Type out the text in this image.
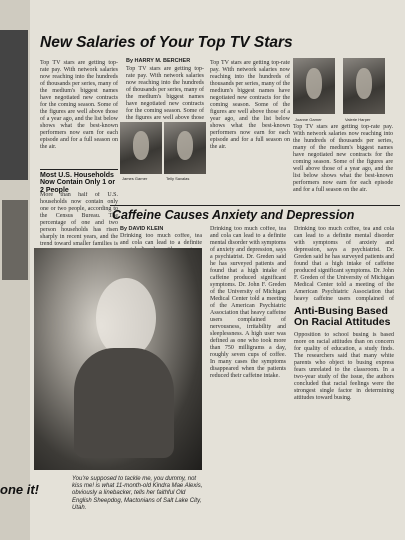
New Salaries of Your Top TV Stars
Top TV stars are getting top-rate pay. With network salaries now reaching into the hundreds of thousands per series, many of the medium's biggest names have negotiated new contracts for the coming season. Some of the figures are well above those of a year ago, and the list below shows what the best-known performers now earn for each episode and for a full season on the air.
By HARRY M. BERCHER
Top TV stars are getting top-rate pay. With network salaries now reaching into the hundreds of thousands per series, many of the medium's biggest names have negotiated new contracts for the coming season. Some of the figures are well above those
Top TV stars are getting top-rate pay. With network salaries now reaching into the hundreds of thousands per series, many of the medium's biggest names have negotiated new contracts for the coming season. Some of the figures are well above those of a year ago, and the list below shows what the best-known performers now earn for each episode and for a full season on the air.
Joanne Garner	Valerie Harper
Top TV stars are getting top-rate pay. With network salaries now reaching into the hundreds of thousands per series, many of the medium's biggest names have negotiated new contracts for the coming season. Some of the figures are well above those of a year ago, and the list below shows what the best-known performers now earn for each episode and for a full season on the air.
James Garner	Telly Savalas
Most U.S. Households Now Contain Only 1 or 2 People
More than half of U.S. households now contain only one or two people, according to the Census Bureau. The percentage of one and two person households has risen sharply in recent years, and the trend toward smaller families is
Caffeine Causes Anxiety and Depression
By DAVID KLEIN
Drinking too much coffee, tea and cola can lead to a definite
Drinking too much coffee, tea and cola can lead to a definite mental disorder with symptoms of anxiety and depression, says a psychiatrist. Dr. Greden said he has surveyed patients and found that a high intake of caffeine produced significant symptoms. Dr. John F. Greden of the University of Michigan Medical Center told a meeting of the American Psychiatric Association that heavy caffeine users complained of nervousness, irritability and sleeplessness. A high user was defined as one who took more than 750 milligrams a day, roughly seven cups of coffee. In many cases the symptoms disappeared when the patients reduced their caffeine intake.
Drinking too much coffee, tea and cola can lead to a definite mental disorder with symptoms of anxiety and depression, says a psychiatrist. Dr. Greden said he has surveyed patients and found that a high intake of caffeine produced significant symptoms. Dr. John F. Greden of the University of Michigan Medical Center told a meeting of the American Psychiatric Association that heavy caffeine users complained of
Anti-Busing Based On Racial Attitudes
Opposition to school busing is based more on racial attitudes than on concern for quality of education, a study finds. The researchers said that many white parents who object to busing express fears unrelated to the classroom. In a two-year study of the issue, the authors concluded that racial feelings were the strongest single factor in determining attitudes toward busing.
one it!
You're supposed to tackle me, you dummy, not kiss me! is what 11-month-old Kindra Mae Alexis, obviously a linebacker, tells her faithful Old English Sheepdog, Mactonians of Salt Lake City, Utah.
